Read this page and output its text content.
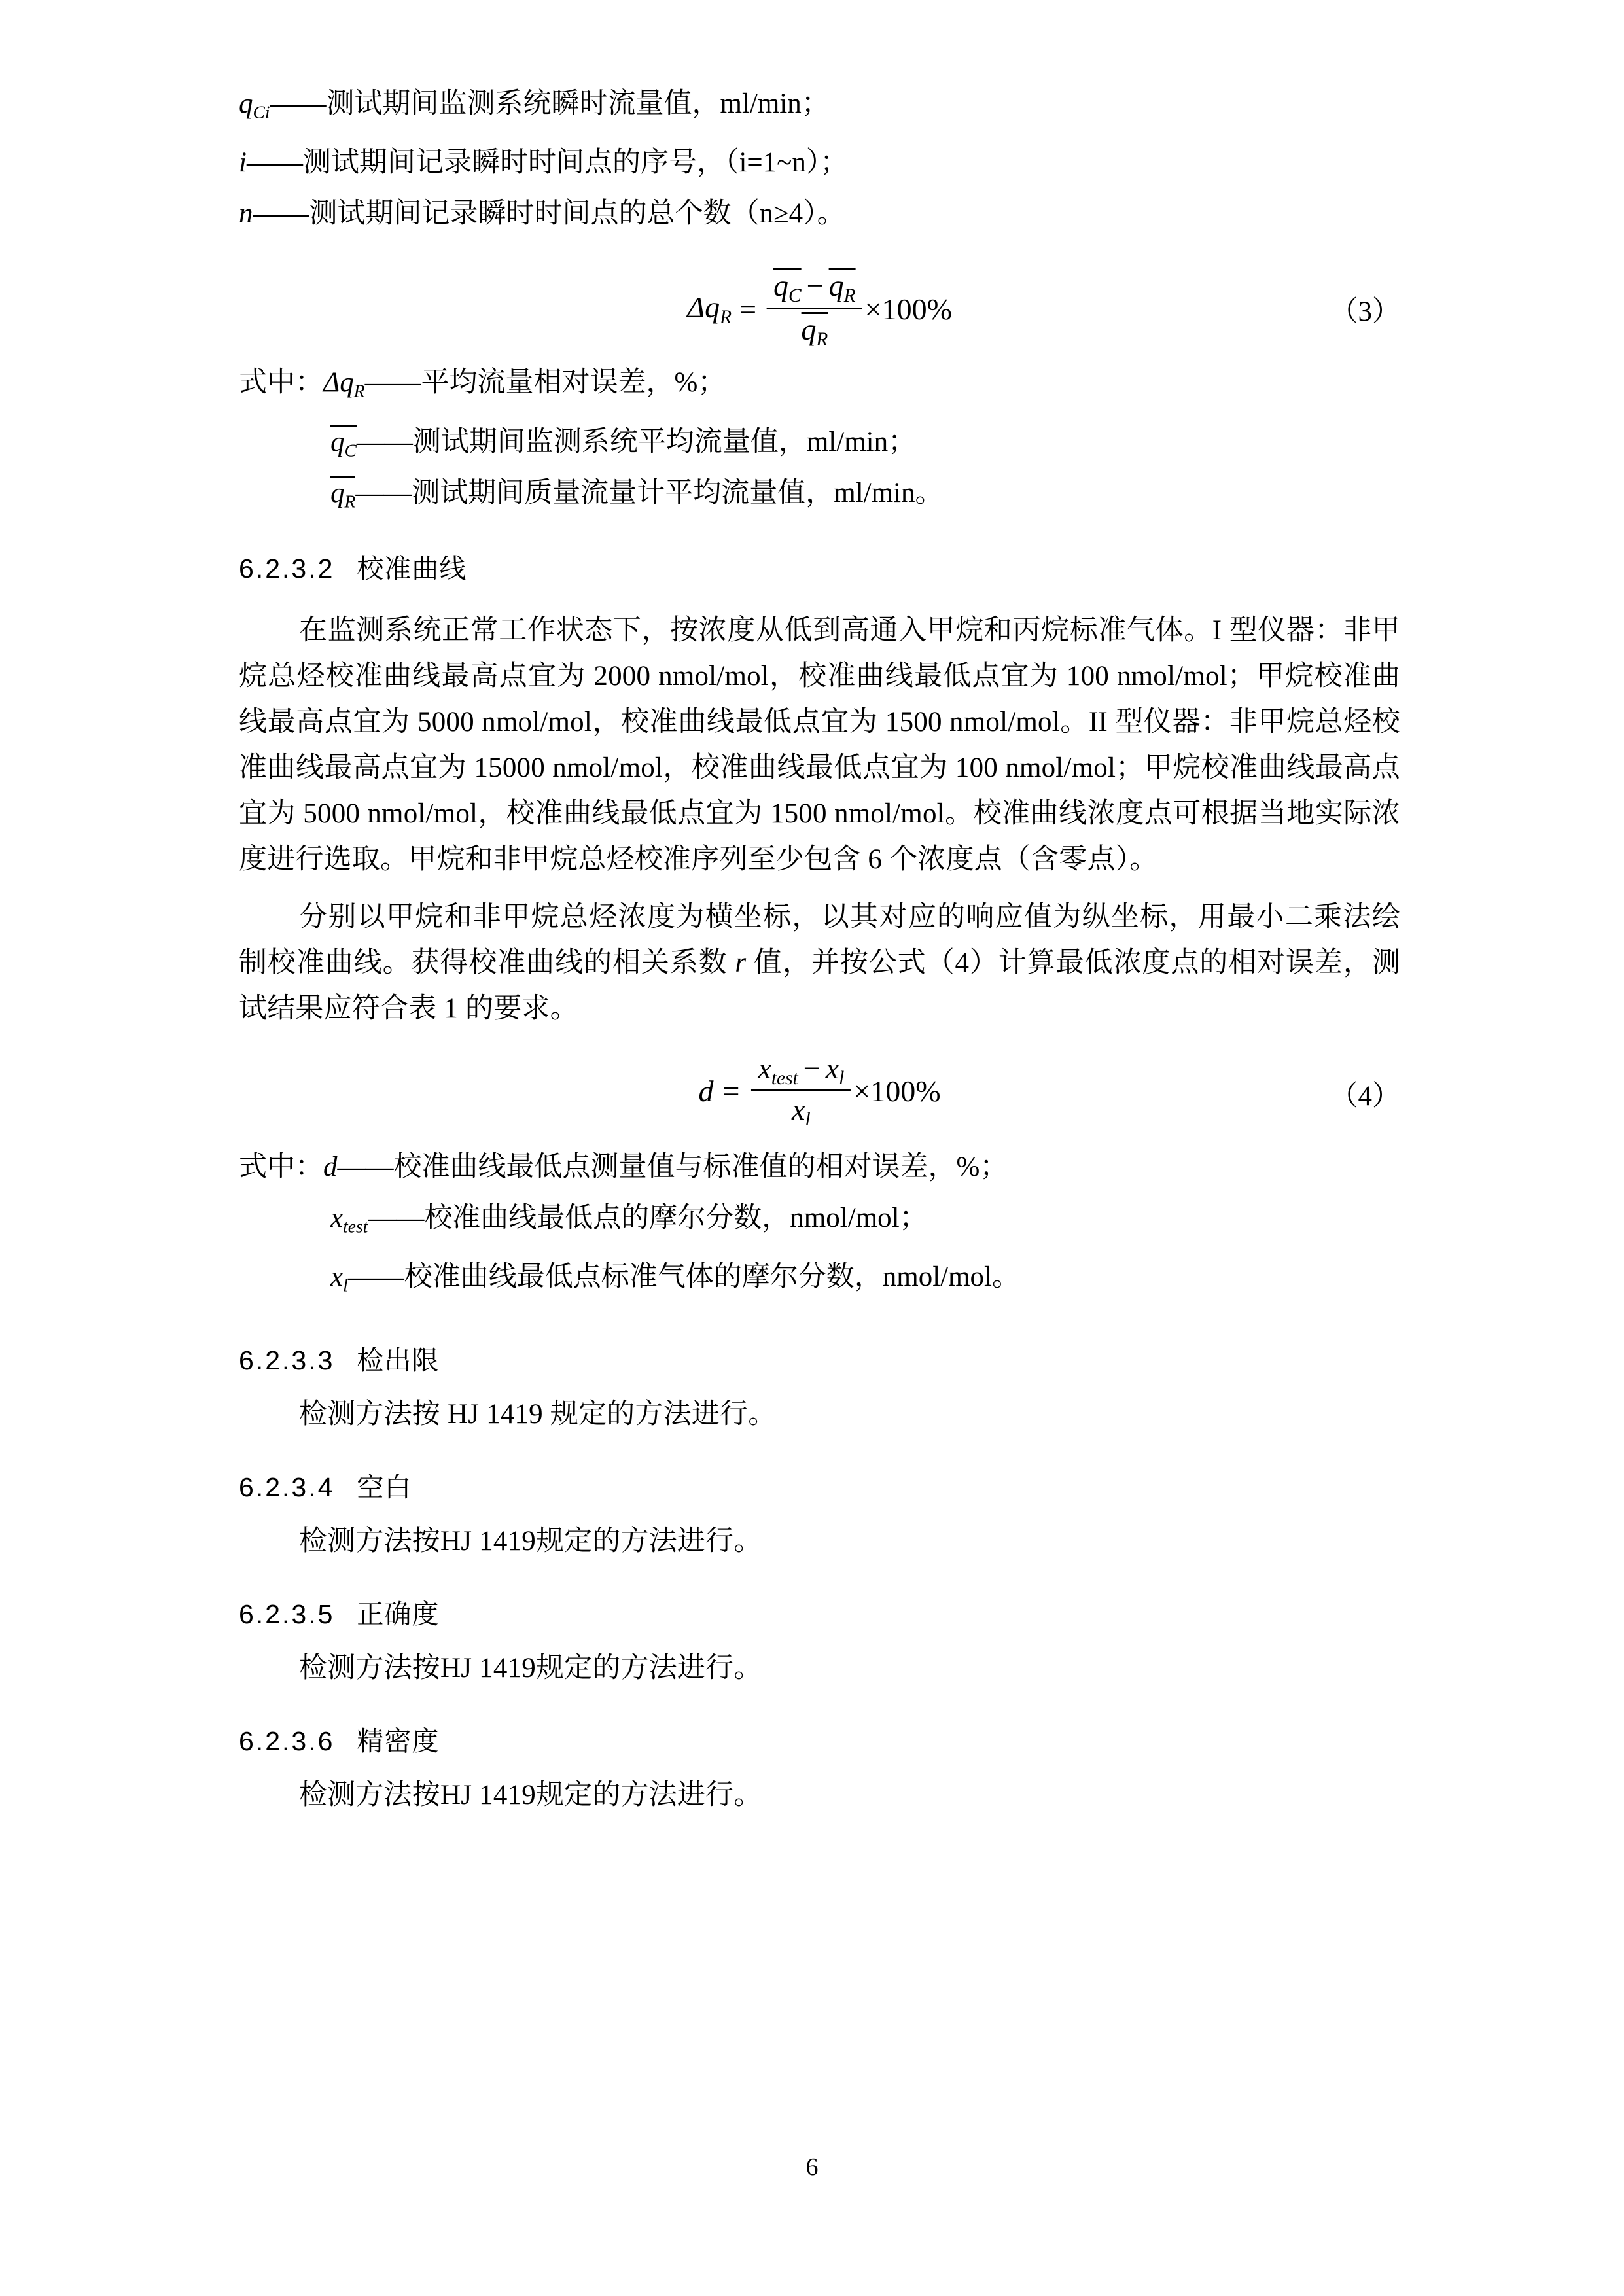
$q_{Ci}$ ——测试期间监测系统瞬时流量值，ml/min；
i ——测试期间记录瞬时时间点的序号，（i=1~n）；
n ——测试期间记录瞬时时间点的总个数（n≥4）。
$\Delta q_R = \frac{q_C - q_R}{q_R} \times 100\%$	（3）
式中： $\Delta q_R$ ——平均流量相对误差，%；
$q_C$ ——测试期间监测系统平均流量值，ml/min；
$q_R$ ——测试期间质量流量计平均流量值，ml/min。
6.2.3.2 校准曲线

在监测系统正常工作状态下，按浓度从低到高通入甲烷和丙烷标准气体。I 型仪器：非甲烷总烃校准曲线最高点宜为 2000 nmol/mol，校准曲线最低点宜为 100 nmol/mol；甲烷校准曲线最高点宜为 5000 nmol/mol，校准曲线最低点宜为 1500 nmol/mol。II 型仪器：非甲烷总烃校准曲线最高点宜为 15000 nmol/mol，校准曲线最低点宜为 100 nmol/mol；甲烷校准曲线最高点宜为 5000 nmol/mol，校准曲线最低点宜为 1500 nmol/mol。校准曲线浓度点可根据当地实际浓度进行选取。甲烷和非甲烷总烃校准序列至少包含 6 个浓度点（含零点）。

分别以甲烷和非甲烷总烃浓度为横坐标，以其对应的响应值为纵坐标，用最小二乘法绘制校准曲线。获得校准曲线的相关系数 r 值，并按公式（4）计算最低浓度点的相对误差，测试结果应符合表 1 的要求。

$d = \frac{x_{test} - x_l}{x_l} \times 100\%$	（4）
式中： d ——校准曲线最低点测量值与标准值的相对误差，%；
$x_{test}$ ——校准曲线最低点的摩尔分数，nmol/mol；
$x_l$ ——校准曲线最低点标准气体的摩尔分数，nmol/mol。
6.2.3.3 检出限

检测方法按 HJ 1419 规定的方法进行。

6.2.3.4 空白

检测方法按HJ 1419规定的方法进行。

6.2.3.5 正确度

检测方法按HJ 1419规定的方法进行。

6.2.3.6 精密度

检测方法按HJ 1419规定的方法进行。

6
